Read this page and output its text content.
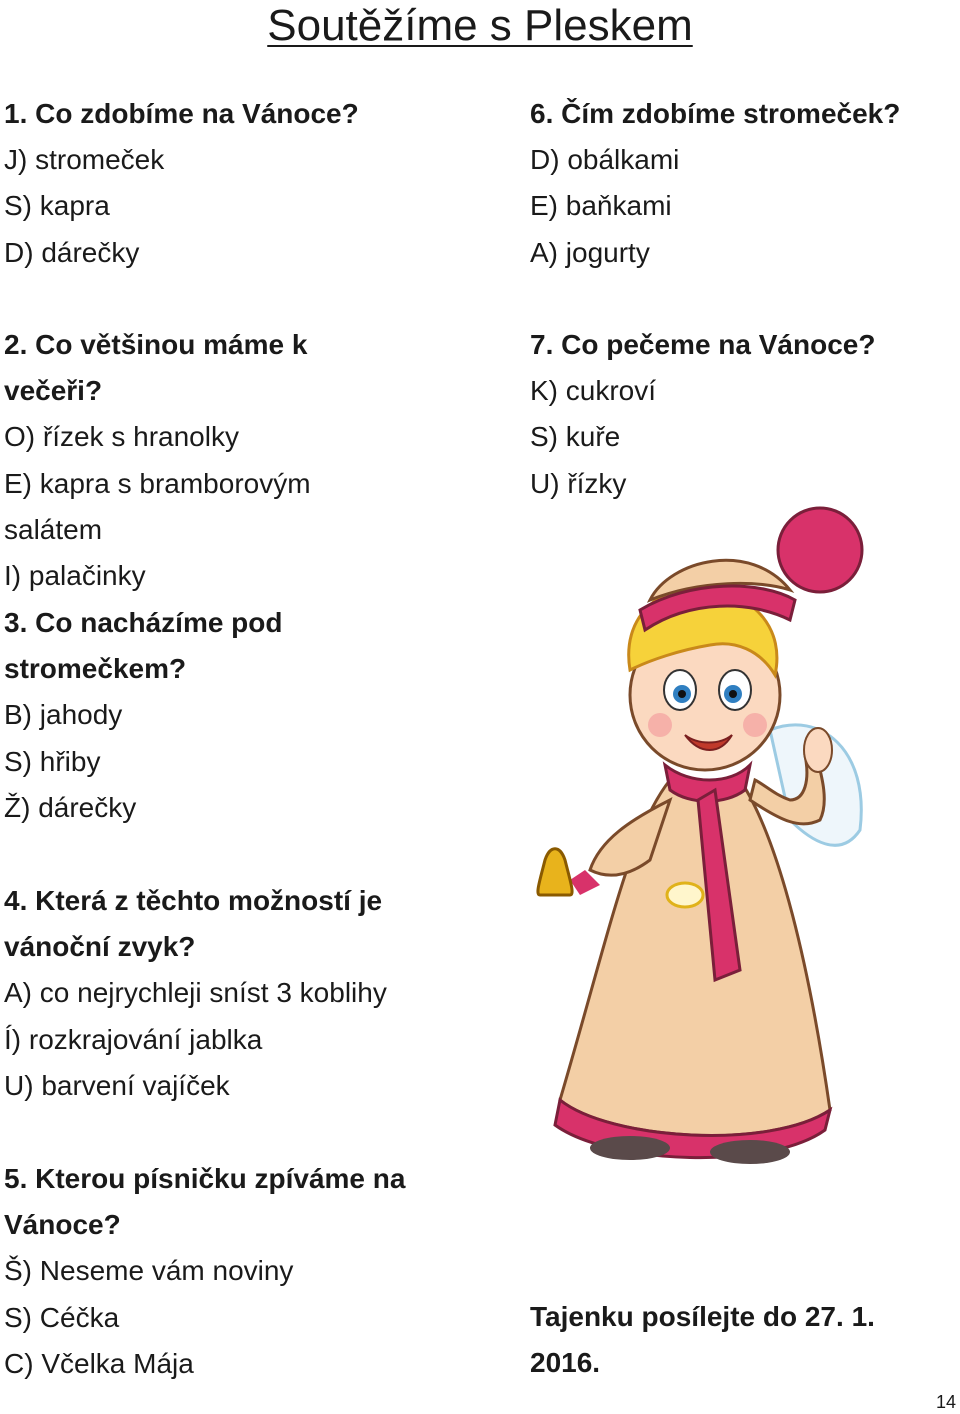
Soutěžíme s Pleskem

1. Co zdobíme na Vánoce?

J) stromeček

S) kapra

D) dárečky

2. Co většinou máme k večeři?

O) řízek s hranolky

E) kapra s bramborovým salátem

I) palačinky

3. Co nacházíme pod stromečkem?

B) jahody

S) hřiby

Ž) dárečky

4. Která z těchto možností je vánoční zvyk?

A) co nejrychleji sníst 3 koblihy

Í) rozkrajování jablka

U) barvení vajíček

5. Kterou písničku zpíváme na Vánoce?

Š) Neseme vám noviny

S) Céčka

C) Včelka Mája

6. Čím zdobíme stromeček?

D) obálkami

E) baňkami

A) jogurty

7. Co pečeme na Vánoce?

K) cukroví

S) kuře

U) řízky

Tajenku posílejte do 27. 1. 2016.
14
